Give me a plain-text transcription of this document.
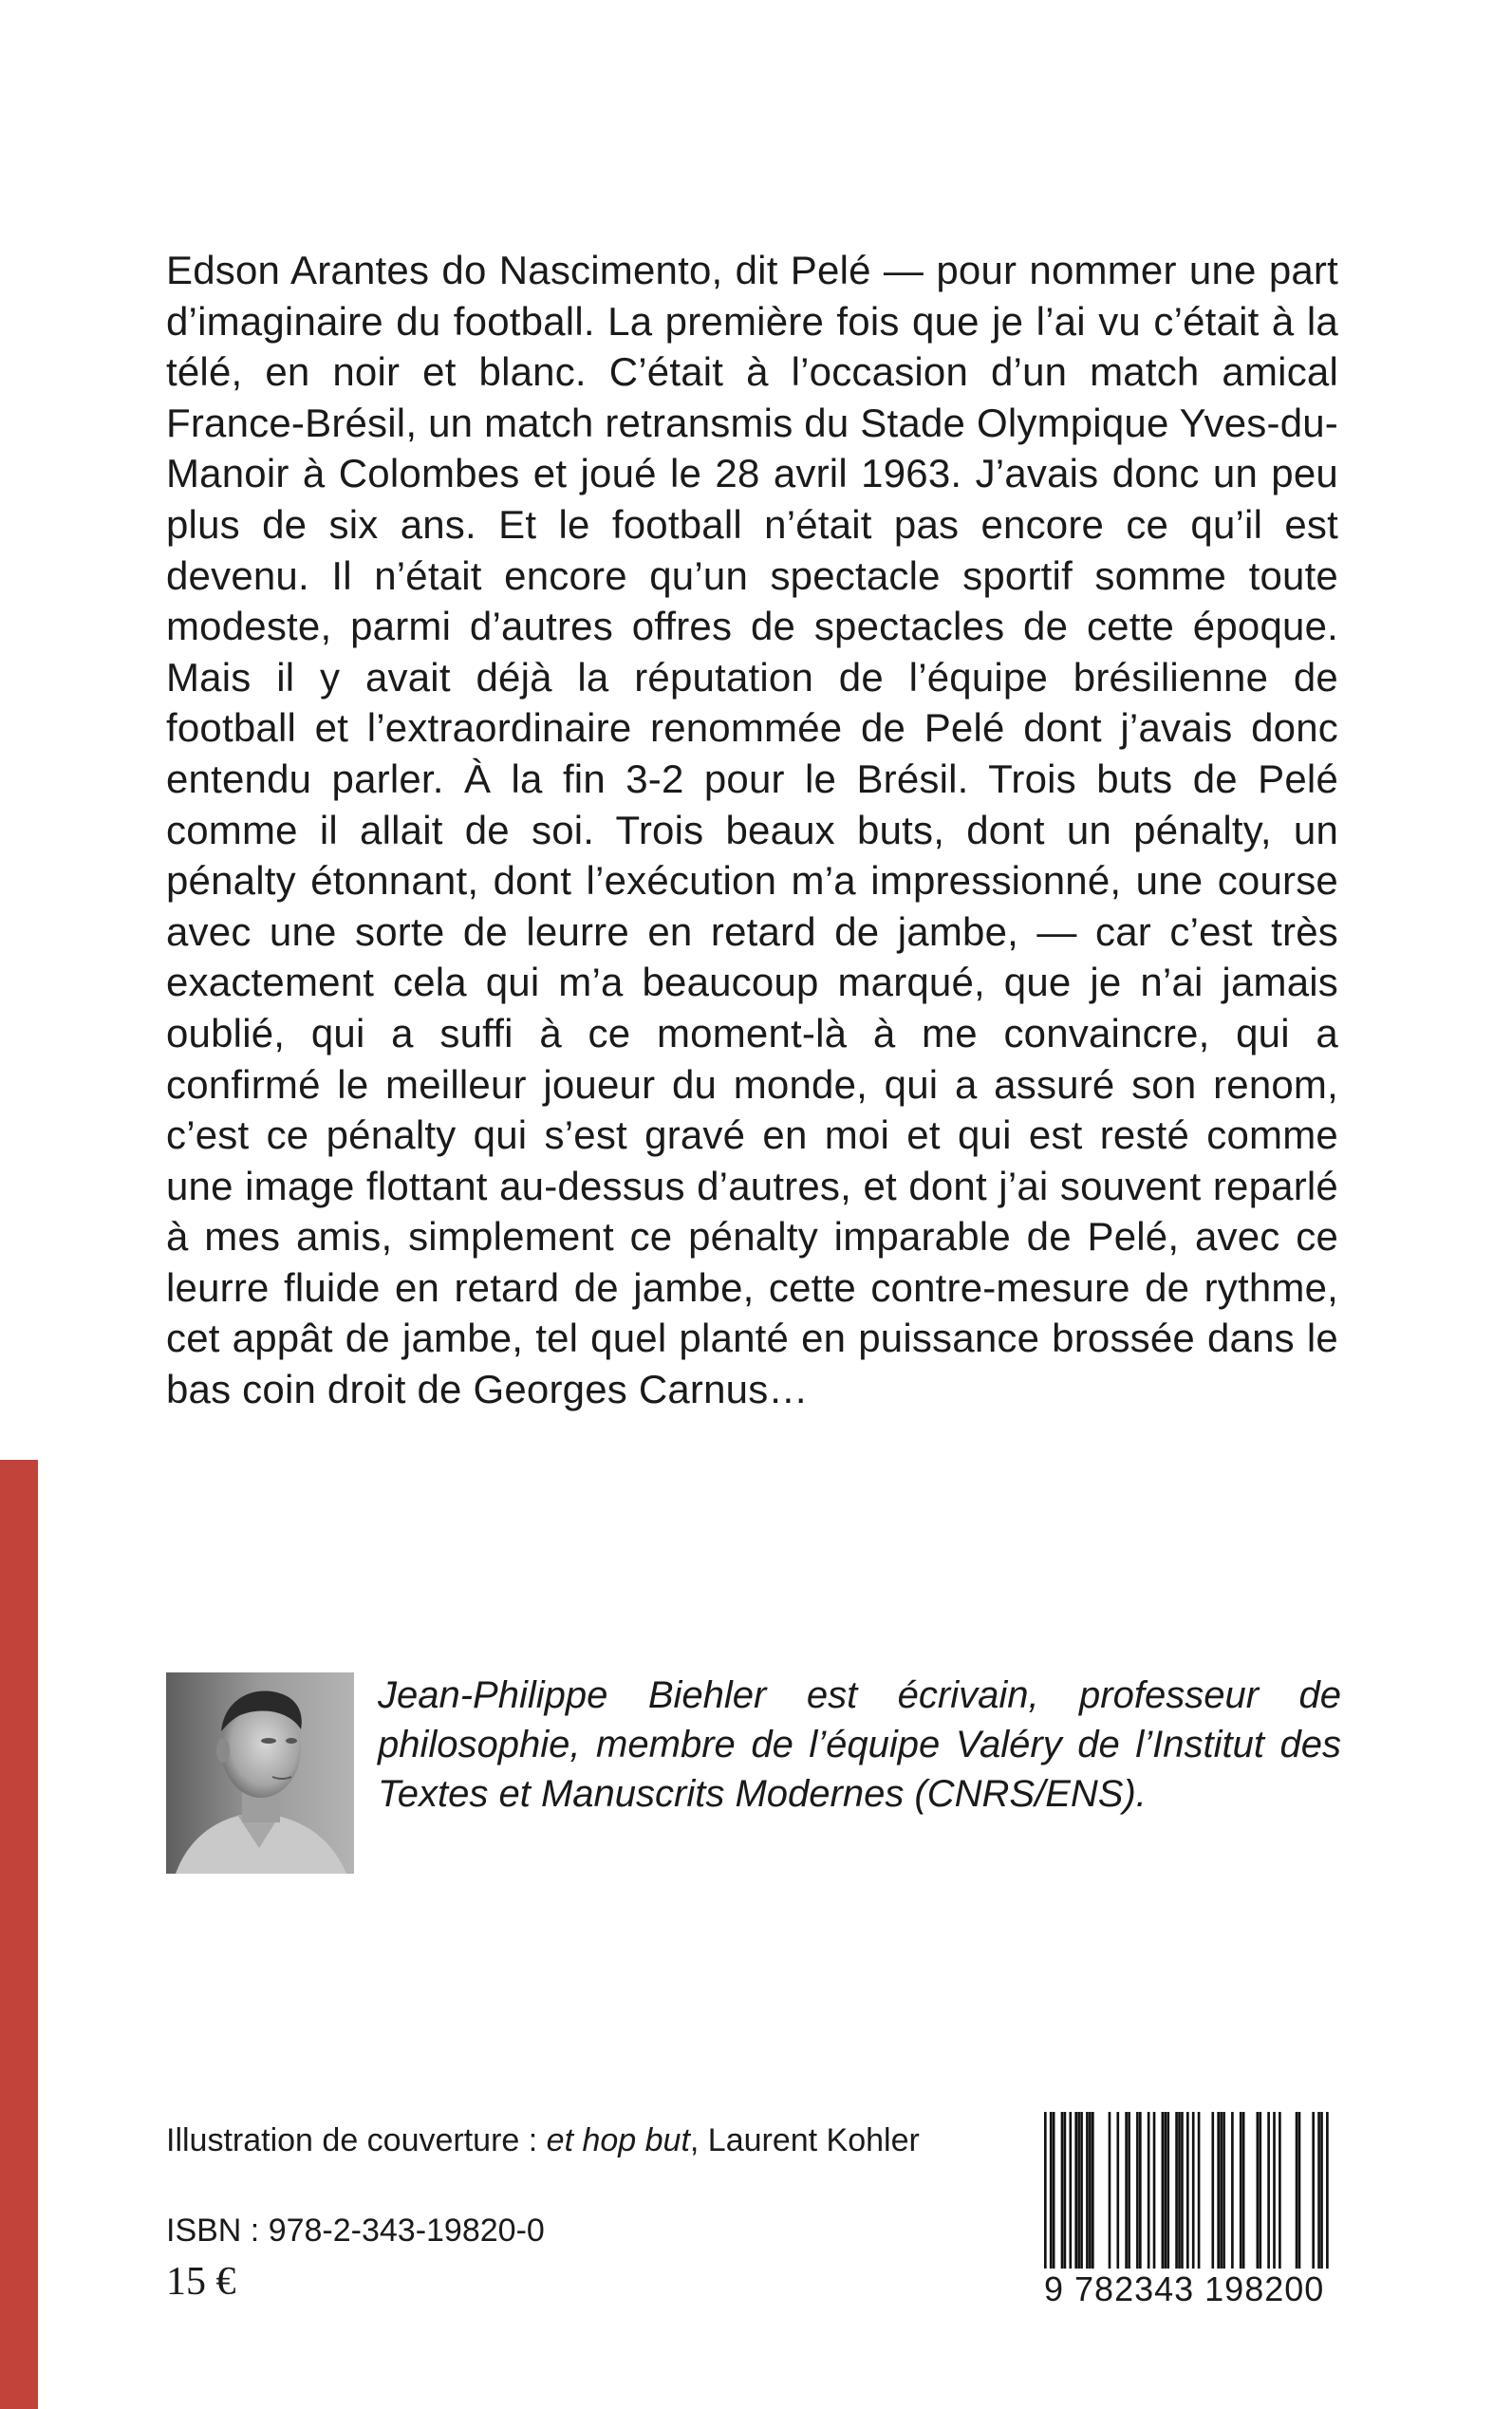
Edson Arantes do Nascimento, dit Pelé — pour nommer une part d’imaginaire du football. La première fois que je l’ai vu c’était à la télé, en noir et blanc. C’était à l’occasion d’un match amical France-Brésil, un match retransmis du Stade Olympique Yves-du-Manoir à Colombes et joué le 28 avril 1963. J’avais donc un peu plus de six ans. Et le football n’était pas encore ce qu’il est devenu. Il n’était encore qu’un spectacle sportif somme toute modeste, parmi d’autres offres de spectacles de cette époque. Mais il y avait déjà la réputation de l’équipe brésilienne de football et l’extraordinaire renommée de Pelé dont j’avais donc entendu parler. À la fin 3-2 pour le Brésil. Trois buts de Pelé comme il allait de soi. Trois beaux buts, dont un pénalty, un pénalty étonnant, dont l’exécution m’a impressionné, une course avec une sorte de leurre en retard de jambe, — car c’est très exactement cela qui m’a beaucoup marqué, que je n’ai jamais oublié, qui a suffi à ce moment-là à me convaincre, qui a confirmé le meilleur joueur du monde, qui a assuré son renom, c’est ce pénalty qui s’est gravé en moi et qui est resté comme une image flottant au-dessus d’autres, et dont j’ai souvent reparlé à mes amis, simplement ce pénalty imparable de Pelé, avec ce leurre fluide en retard de jambe, cette contre-mesure de rythme, cet appât de jambe, tel quel planté en puissance brossée dans le bas coin droit de Georges Carnus…

Jean-Philippe Biehler est écrivain, professeur de philosophie, membre de l’équipe Valéry de l’Institut des Textes et Manuscrits Modernes (CNRS/ENS).

Illustration de couverture : et hop but, Laurent Kohler

ISBN : 978-2-343-19820-0

15 €	9 782343 198200
